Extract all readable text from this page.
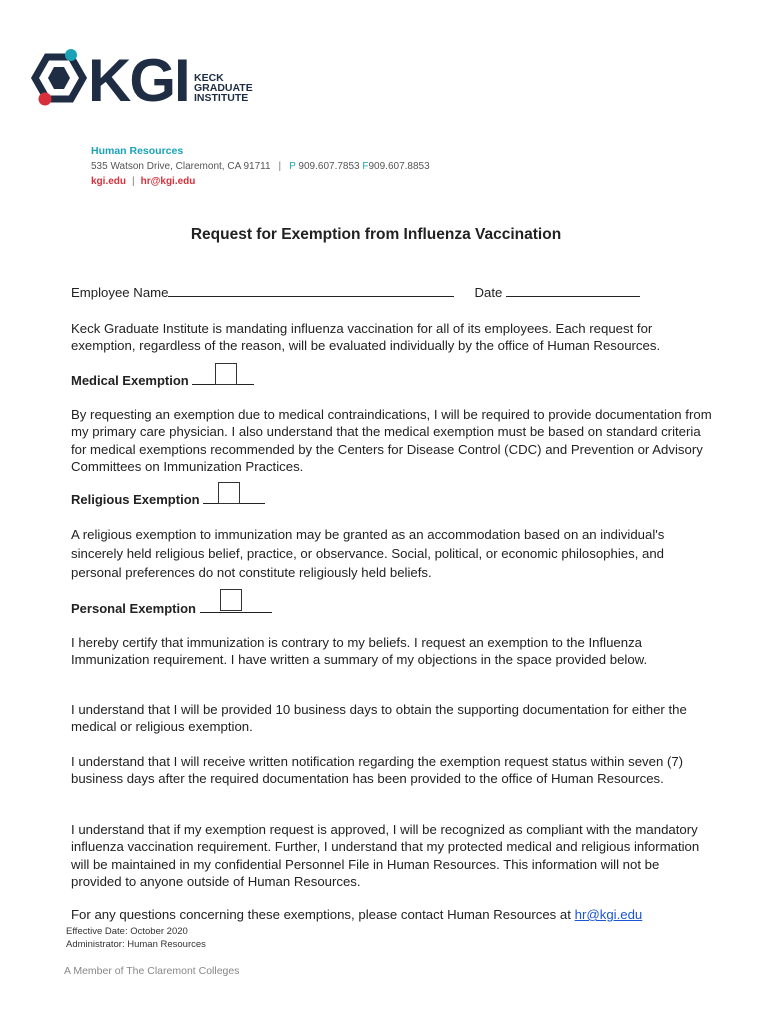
KGI KECK
GRADUATE
INSTITUTE
Human Resources
535 Watson Drive, Claremont, CA 91711 | P 909.607.7853 F909.607.8853
kgi.edu | hr@kgi.edu
Request for Exemption from Influenza Vaccination
Employee Name	Date
Keck Graduate Institute is mandating influenza vaccination for all of its employees. Each request for exemption, regardless of the reason, will be evaluated individually by the office of Human Resources.
Medical Exemption
By requesting an exemption due to medical contraindications, I will be required to provide documentation from my primary care physician. I also understand that the medical exemption must be based on standard criteria for medical exemptions recommended by the Centers for Disease Control (CDC) and Prevention or Advisory Committees on Immunization Practices.
Religious Exemption
A religious exemption to immunization may be granted as an accommodation based on an individual's sincerely held religious belief, practice, or observance. Social, political, or economic philosophies, and personal preferences do not constitute religiously held beliefs.
Personal Exemption
I hereby certify that immunization is contrary to my beliefs. I request an exemption to the Influenza Immunization requirement. I have written a summary of my objections in the space provided below.
I understand that I will be provided 10 business days to obtain the supporting documentation for either the medical or religious exemption.
I understand that I will receive written notification regarding the exemption request status within seven (7) business days after the required documentation has been provided to the office of Human Resources.
I understand that if my exemption request is approved, I will be recognized as compliant with the mandatory influenza vaccination requirement. Further, I understand that my protected medical and religious information will be maintained in my confidential Personnel File in Human Resources. This information will not be provided to anyone outside of Human Resources.
For any questions concerning these exemptions, please contact Human Resources at hr@kgi.edu
Effective Date: October 2020
Administrator: Human Resources
A Member of The Claremont Colleges
